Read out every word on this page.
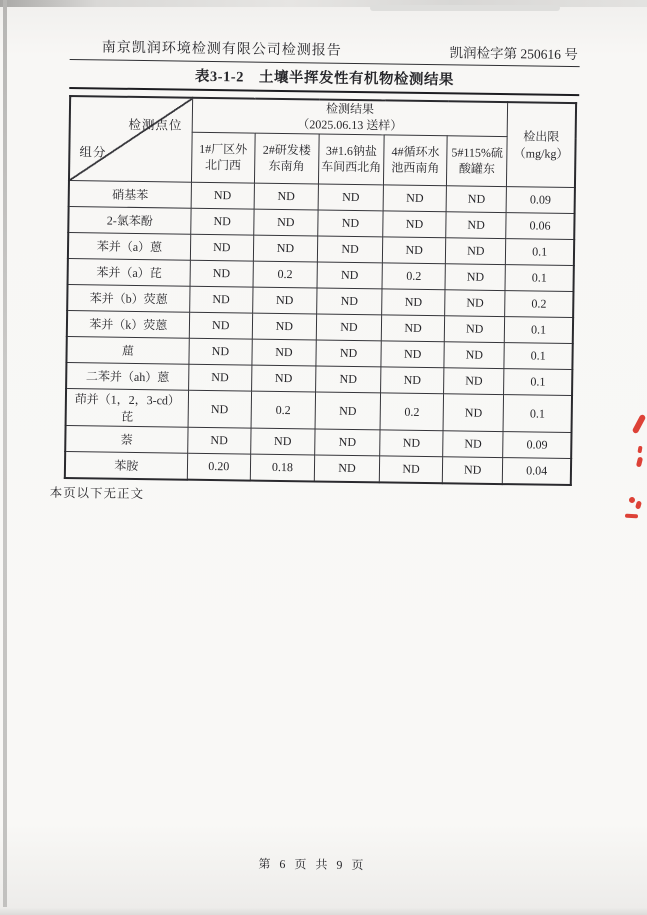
南京凯润环境检测有限公司检测报告	凯润检字第 250616 号
表3-1-2　土壤半挥发性有机物检测结果
检测点位
组分

检测结果
（2025.06.13 送样）

检出限
（mg/kg）

	1#厂区外北门西	2#研发楼东南角	3#1.6钠盐车间西北角	4#循环水池西南角	5#115%硫酸罐东	
硝基苯	ND	ND	ND	ND	ND	0.09
2-氯苯酚	ND	ND	ND	ND	ND	0.06
苯并（a）蒽	ND	ND	ND	ND	ND	0.1
苯并（a）芘	ND	0.2	ND	0.2	ND	0.1
苯并（b）荧蒽	ND	ND	ND	ND	ND	0.2
苯并（k）荧蒽	ND	ND	ND	ND	ND	0.1
䓛	ND	ND	ND	ND	ND	0.1
二苯并（ah）蒽	ND	ND	ND	ND	ND	0.1
茚并（1，2，3-cd）芘	ND	0.2	ND	0.2	ND	0.1
萘	ND	ND	ND	ND	ND	0.09
苯胺	0.20	0.18	ND	ND	ND	0.04
本页以下无正文
第 6 页 共 9 页
